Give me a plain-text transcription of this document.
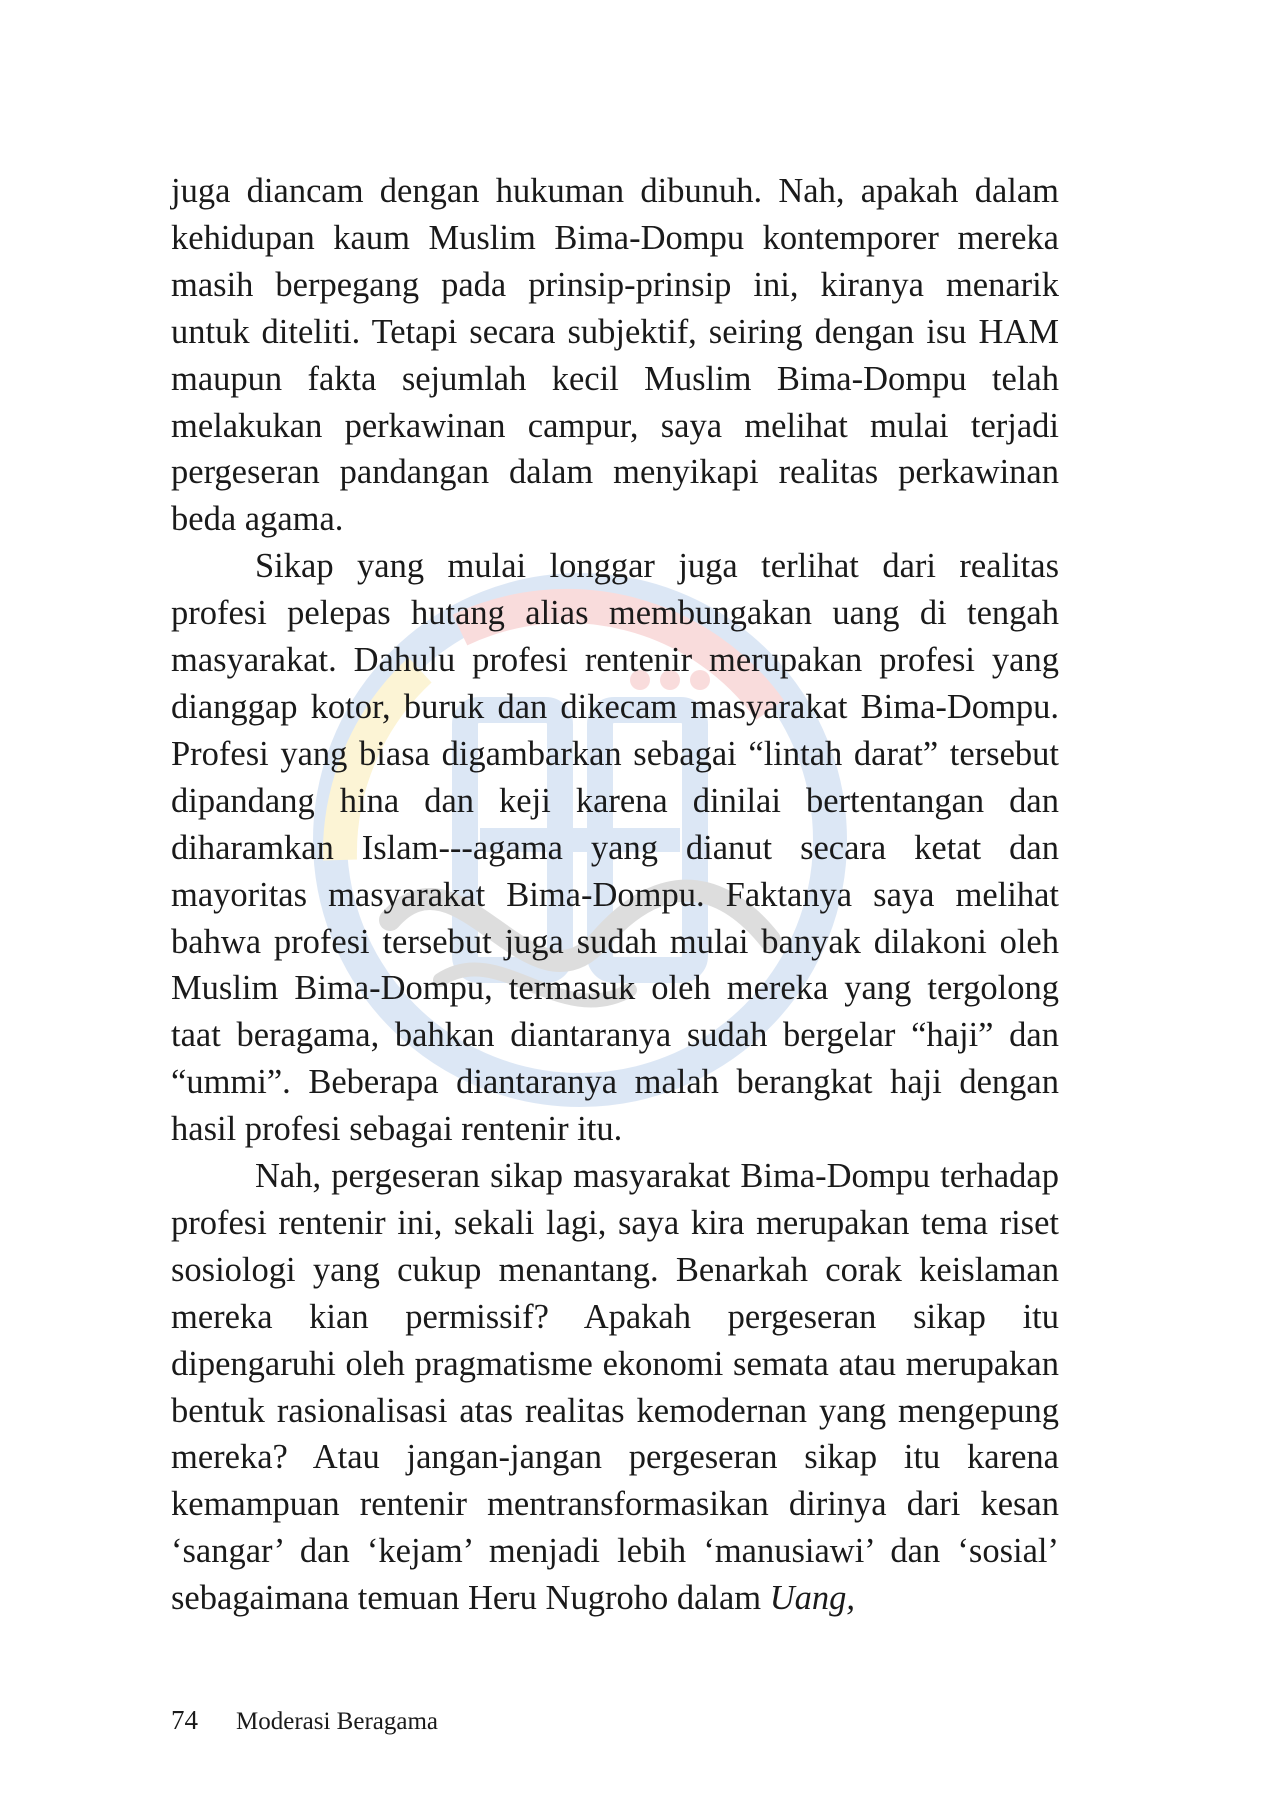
juga diancam dengan hukuman dibunuh. Nah, apakah dalam kehidupan kaum Muslim Bima-Dompu kontemporer mereka masih berpegang pada prinsip-prinsip ini, kiranya menarik untuk diteliti. Tetapi secara subjektif, seiring dengan isu HAM maupun fakta sejumlah kecil Muslim Bima-Dompu telah melakukan perkawinan campur, saya melihat mulai terjadi pergeseran pandangan dalam menyikapi realitas perkawinan beda agama.

Sikap yang mulai longgar juga terlihat dari realitas profesi pelepas hutang alias membungakan uang di tengah masyarakat. Dahulu profesi rentenir merupakan profesi yang dianggap kotor, buruk dan dikecam masyarakat Bima-Dompu. Profesi yang biasa digambarkan sebagai “lintah darat” tersebut dipandang hina dan keji karena dinilai bertentangan dan diharamkan Islam---agama yang dianut secara ketat dan mayoritas masyarakat Bima-Dompu. Faktanya saya melihat bahwa profesi tersebut juga sudah mulai banyak dilakoni oleh Muslim Bima-Dompu, termasuk oleh mereka yang tergolong taat beragama, bahkan diantaranya sudah bergelar “haji” dan “ummi”. Beberapa diantaranya malah berangkat haji dengan hasil profesi sebagai rentenir itu.

Nah, pergeseran sikap masyarakat Bima-Dompu terhadap profesi rentenir ini, sekali lagi, saya kira merupakan tema riset sosiologi yang cukup menantang. Benarkah corak keislaman mereka kian permissif? Apakah pergeseran sikap itu dipengaruhi oleh pragmatisme ekonomi semata atau merupakan bentuk rasionalisasi atas realitas kemodernan yang mengepung mereka? Atau jangan-jangan pergeseran sikap itu karena kemampuan rentenir mentransformasikan dirinya dari kesan ‘sangar’ dan ‘kejam’ menjadi lebih ‘manusiawi’ dan ‘sosial’ sebagaimana temuan Heru Nugroho dalam Uang,

74 Moderasi Beragama
